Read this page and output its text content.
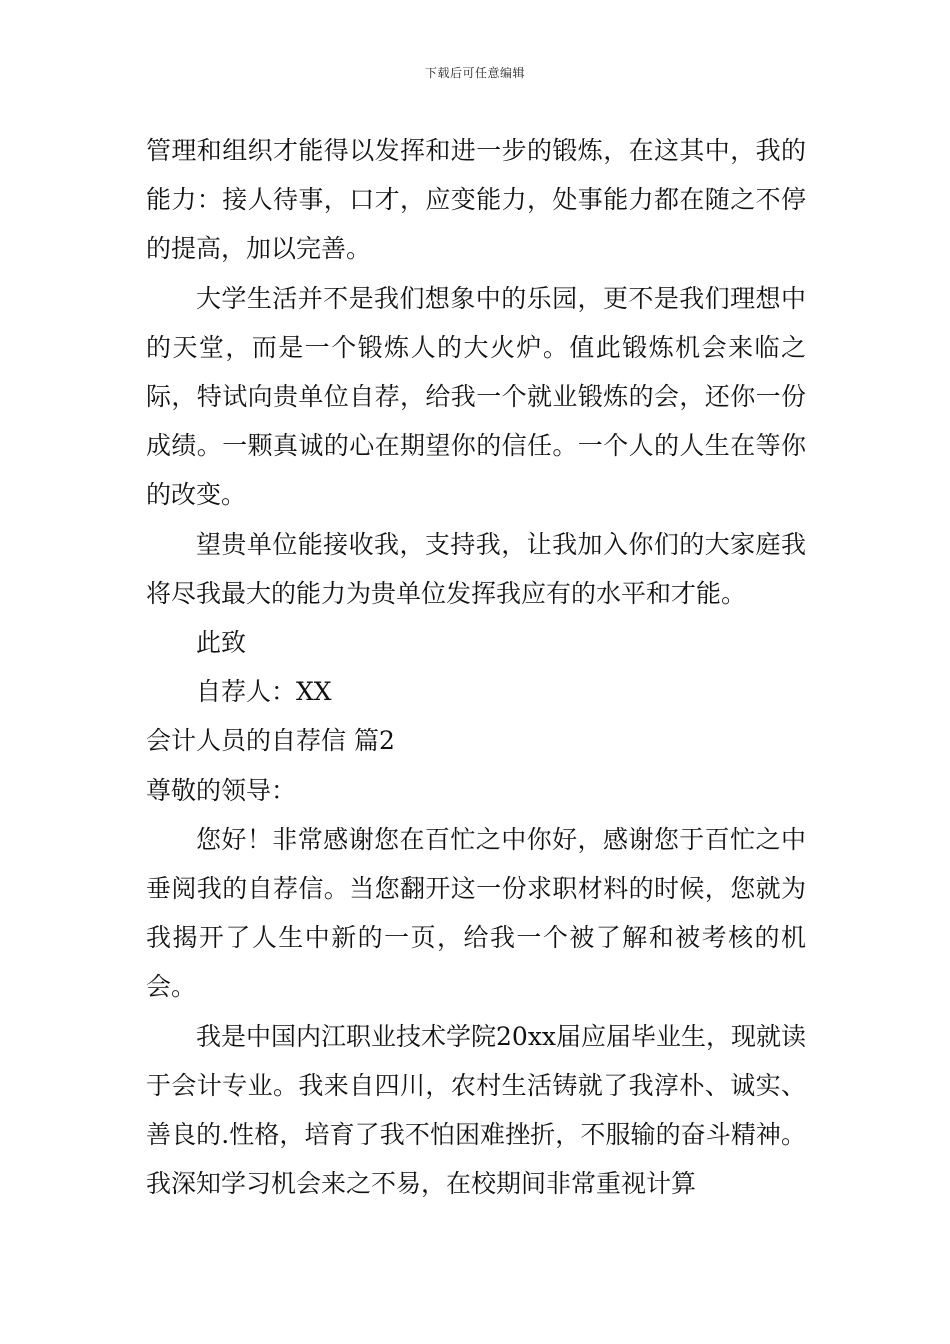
下载后可任意编辑

管理和组织才能得以发挥和进一步的锻炼，在这其中，我的能力：接人待事，口才，应变能力，处事能力都在随之不停的提高，加以完善。

大学生活并不是我们想象中的乐园，更不是我们理想中的天堂，而是一个锻炼人的大火炉。值此锻炼机会来临之际，特试向贵单位自荐，给我一个就业锻炼的会，还你一份成绩。一颗真诚的心在期望你的信任。一个人的人生在等你的改变。

望贵单位能接收我，支持我，让我加入你们的大家庭我将尽我最大的能力为贵单位发挥我应有的水平和才能。

此致

自荐人：XX

会计人员的自荐信 篇2

尊敬的领导：

您好！非常感谢您在百忙之中你好，感谢您于百忙之中垂阅我的自荐信。当您翻开这一份求职材料的时候，您就为我揭开了人生中新的一页，给我一个被了解和被考核的机会。

我是中国内江职业技术学院20xx届应届毕业生，现就读于会计专业。我来自四川，农村生活铸就了我淳朴、诚实、善良的.性格，培育了我不怕困难挫折，不服输的奋斗精神。我深知学习机会来之不易，在校期间非常重视计算
